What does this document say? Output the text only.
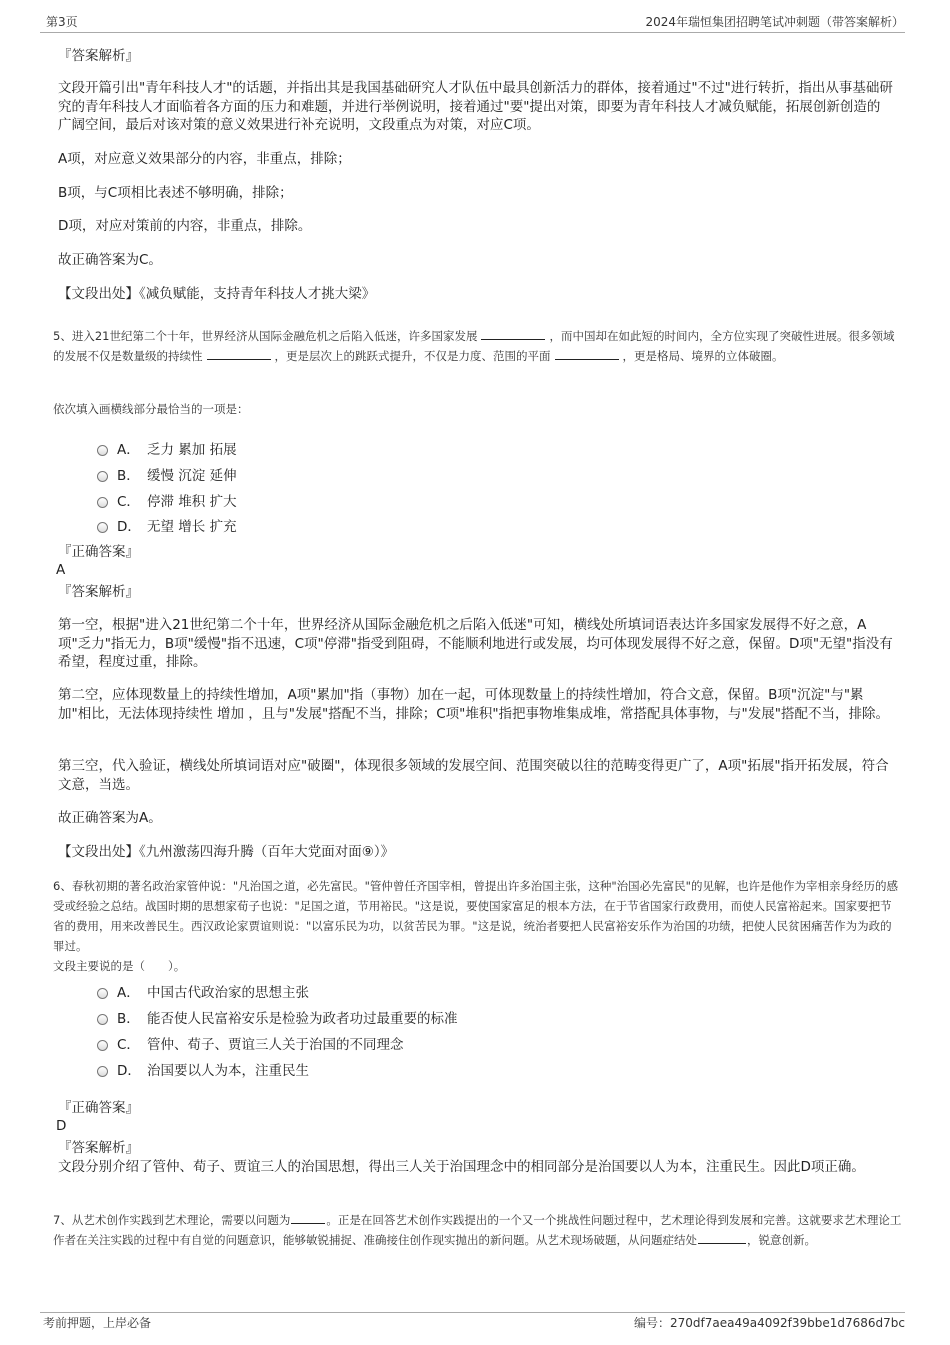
第3页	2024年瑞恒集团招聘笔试冲刺题（带答案解析）
『答案解析』
文段开篇引出"青年科技人才"的话题，并指出其是我国基础研究人才队伍中最具创新活力的群体，接着通过"不过"进行转折，指出从事基础研究的青年科技人才面临着各方面的压力和难题，并进行举例说明，接着通过"要"提出对策，即要为青年科技人才减负赋能，拓展创新创造的广阔空间，最后对该对策的意义效果进行补充说明，文段重点为对策，对应C项。
A项，对应意义效果部分的内容，非重点，排除；
B项，与C项相比表述不够明确，排除；
D项，对应对策前的内容，非重点，排除。
故正确答案为C。
【文段出处】《减负赋能，支持青年科技人才挑大梁》
5、进入21世纪第二个十年，世界经济从国际金融危机之后陷入低迷，许多国家发展	，而中国却在如此短的时间内，全方位实现了突破性进展。很多领域的发展不仅是数量级的持续性	，更是层次上的跳跃式提升，不仅是力度、范围的平面	，更是格局、境界的立体破圈。
依次填入画横线部分最恰当的一项是：
A． 乏力 累加 拓展
B． 缓慢 沉淀 延伸
C． 停滞 堆积 扩大
D． 无望 增长 扩充
『正确答案』
A
『答案解析』
第一空，根据"进入21世纪第二个十年，世界经济从国际金融危机之后陷入低迷"可知，横线处所填词语表达许多国家发展得不好之意，A项"乏力"指无力，B项"缓慢"指不迅速，C项"停滞"指受到阻碍，不能顺利地进行或发展，均可体现发展得不好之意，保留。D项"无望"指没有希望，程度过重，排除。
第二空，应体现数量上的持续性增加，A项"累加"指（事物）加在一起，可体现数量上的持续性增加，符合文意，保留。B项"沉淀"与"累加"相比，无法体现持续性 增加 ，且与"发展"搭配不当，排除；C项"堆积"指把事物堆集成堆，常搭配具体事物，与"发展"搭配不当，排除。
第三空，代入验证，横线处所填词语对应"破圈"，体现很多领域的发展空间、范围突破以往的范畴变得更广了，A项"拓展"指开拓发展，符合文意，当选。
故正确答案为A。
【文段出处】《九州激荡四海升腾（百年大党面对面⑨）》
6、春秋初期的著名政治家管仲说："凡治国之道，必先富民。"管仲曾任齐国宰相，曾提出许多治国主张，这种"治国必先富民"的见解，也许是他作为宰相亲身经历的感受或经验之总结。战国时期的思想家荀子也说："足国之道，节用裕民。"这是说，要使国家富足的根本方法，在于节省国家行政费用，而使人民富裕起来。国家要把节省的费用，用来改善民生。西汉政论家贾谊则说："以富乐民为功，以贫苦民为罪。"这是说，统治者要把人民富裕安乐作为治国的功绩，把使人民贫困痛苦作为为政的罪过。
文段主要说的是（　　）。
A． 中国古代政治家的思想主张
B． 能否使人民富裕安乐是检验为政者功过最重要的标准
C． 管仲、荀子、贾谊三人关于治国的不同理念
D． 治国要以人为本，注重民生
『正确答案』
D
『答案解析』
文段分别介绍了管仲、荀子、贾谊三人的治国思想，得出三人关于治国理念中的相同部分是治国要以人为本，注重民生。因此D项正确。
7、从艺术创作实践到艺术理论，需要以问题为	。正是在回答艺术创作实践提出的一个又一个挑战性问题过程中，艺术理论得到发展和完善。这就要求艺术理论工作者在关注实践的过程中有自觉的问题意识，能够敏锐捕捉、准确接住创作现实抛出的新问题。从艺术现场破题，从问题症结处	，锐意创新。
考前押题，上岸必备	编号：270df7aea49a4092f39bbe1d7686d7bc
